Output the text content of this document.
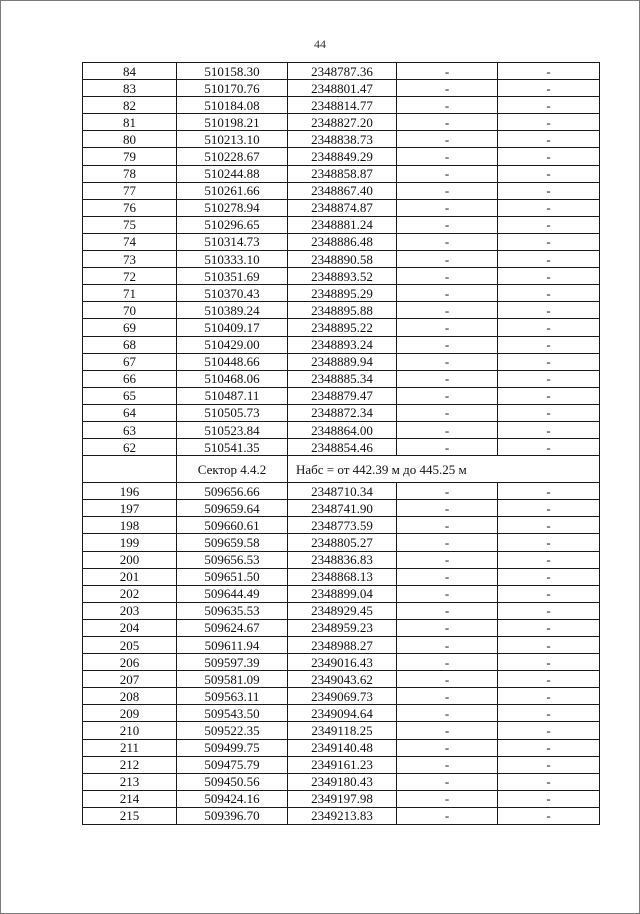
44
84	510158.30	2348787.36	-	-
83	510170.76	2348801.47	-	-
82	510184.08	2348814.77	-	-
81	510198.21	2348827.20	-	-
80	510213.10	2348838.73	-	-
79	510228.67	2348849.29	-	-
78	510244.88	2348858.87	-	-
77	510261.66	2348867.40	-	-
76	510278.94	2348874.87	-	-
75	510296.65	2348881.24	-	-
74	510314.73	2348886.48	-	-
73	510333.10	2348890.58	-	-
72	510351.69	2348893.52	-	-
71	510370.43	2348895.29	-	-
70	510389.24	2348895.88	-	-
69	510409.17	2348895.22	-	-
68	510429.00	2348893.24	-	-
67	510448.66	2348889.94	-	-
66	510468.06	2348885.34	-	-
65	510487.11	2348879.47	-	-
64	510505.73	2348872.34	-	-
63	510523.84	2348864.00	-	-
62	510541.35	2348854.46	-	-
	Сектор 4.4.2	Набс = от 442.39 м до 445.25 м		
196	509656.66	2348710.34	-	-
197	509659.64	2348741.90	-	-
198	509660.61	2348773.59	-	-
199	509659.58	2348805.27	-	-
200	509656.53	2348836.83	-	-
201	509651.50	2348868.13	-	-
202	509644.49	2348899.04	-	-
203	509635.53	2348929.45	-	-
204	509624.67	2348959.23	-	-
205	509611.94	2348988.27	-	-
206	509597.39	2349016.43	-	-
207	509581.09	2349043.62	-	-
208	509563.11	2349069.73	-	-
209	509543.50	2349094.64	-	-
210	509522.35	2349118.25	-	-
211	509499.75	2349140.48	-	-
212	509475.79	2349161.23	-	-
213	509450.56	2349180.43	-	-
214	509424.16	2349197.98	-	-
215	509396.70	2349213.83	-	-
